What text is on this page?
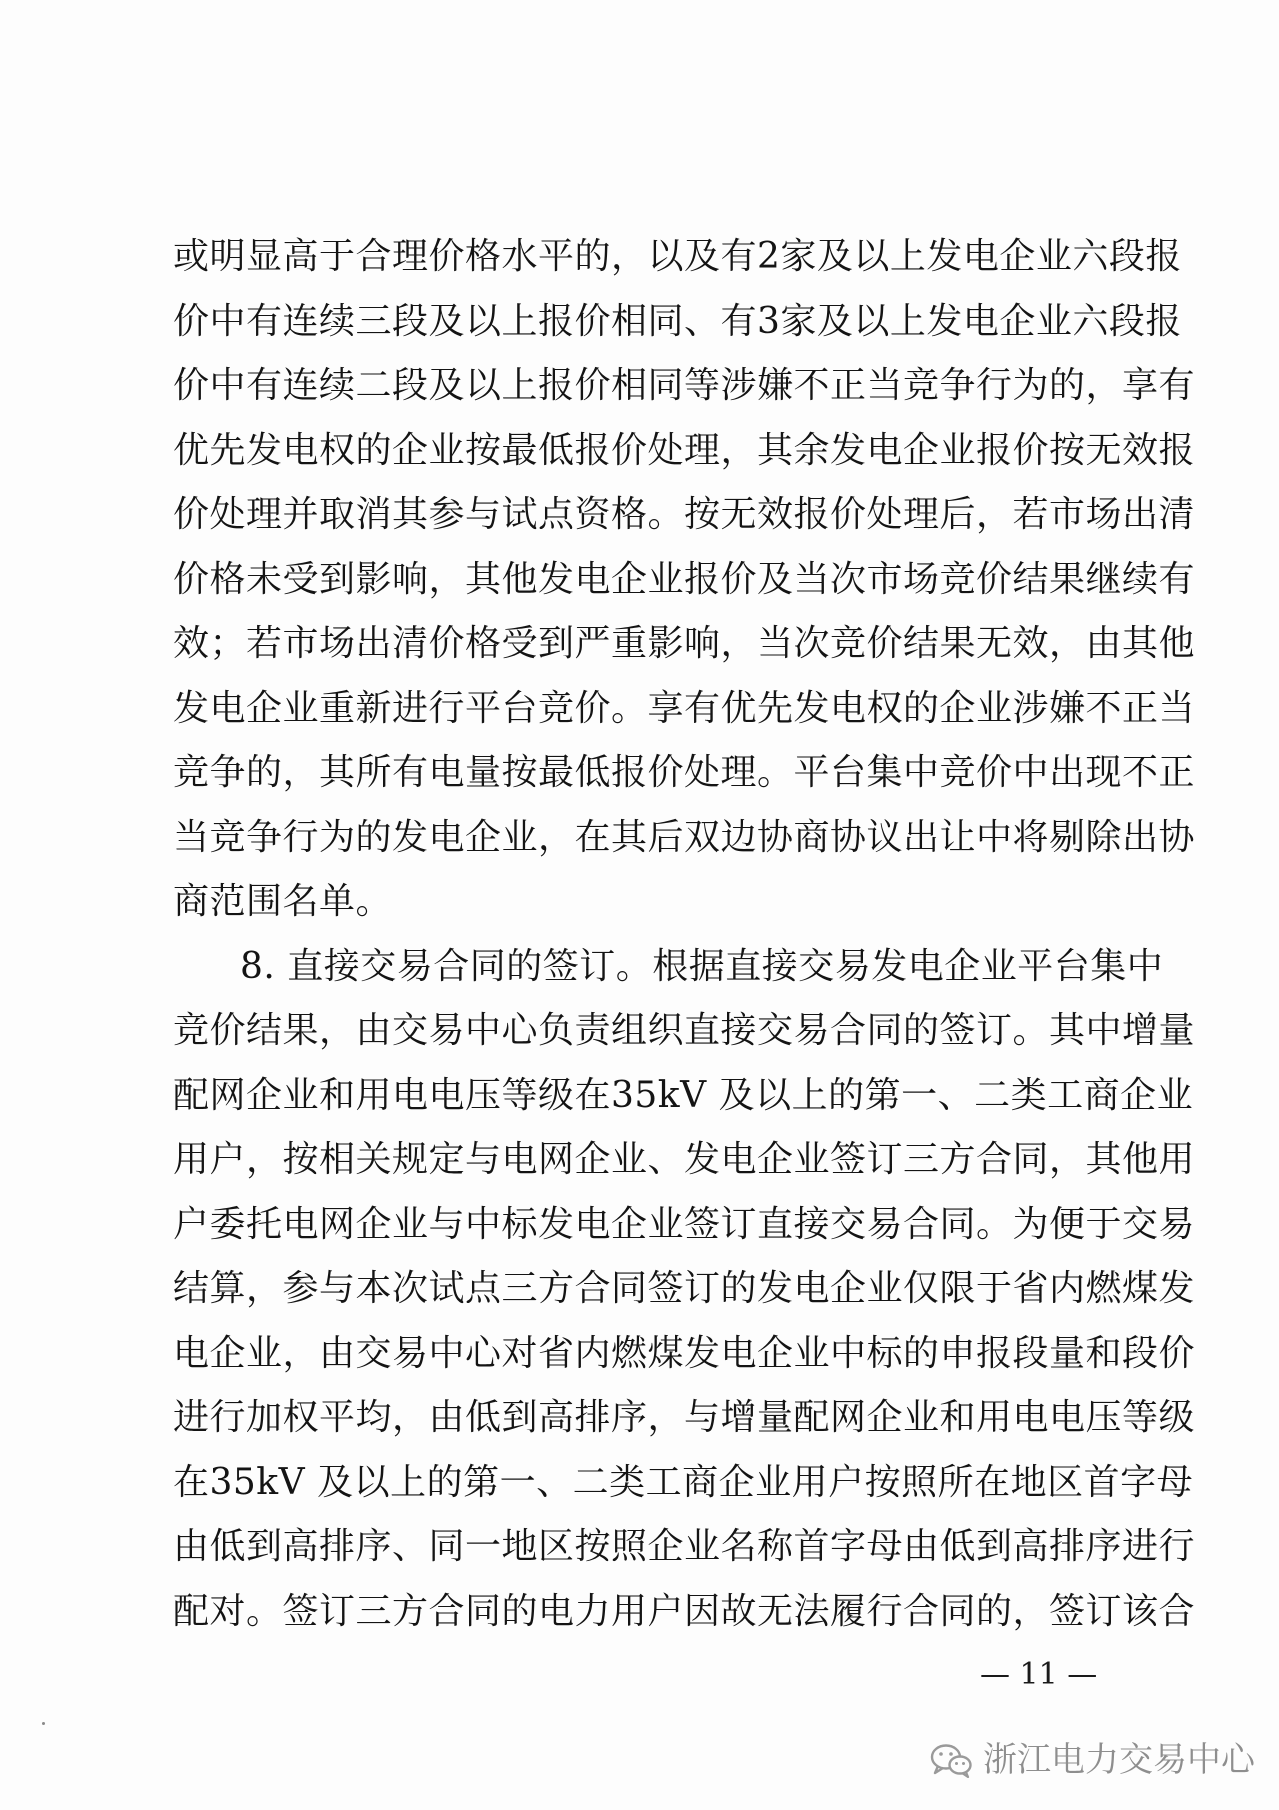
或明显高于合理价格水平的，以及有2家及以上发电企业六段报
价中有连续三段及以上报价相同、有3家及以上发电企业六段报
价中有连续二段及以上报价相同等涉嫌不正当竞争行为的，享有
优先发电权的企业按最低报价处理，其余发电企业报价按无效报
价处理并取消其参与试点资格。按无效报价处理后，若市场出清
价格未受到影响，其他发电企业报价及当次市场竞价结果继续有
效；若市场出清价格受到严重影响，当次竞价结果无效，由其他
发电企业重新进行平台竞价。享有优先发电权的企业涉嫌不正当
竞争的，其所有电量按最低报价处理。平台集中竞价中出现不正
当竞争行为的发电企业，在其后双边协商协议出让中将剔除出协
商范围名单。
8. 直接交易合同的签订。根据直接交易发电企业平台集中
竞价结果，由交易中心负责组织直接交易合同的签订。其中增量
配网企业和用电电压等级在35kV 及以上的第一、二类工商企业
用户，按相关规定与电网企业、发电企业签订三方合同，其他用
户委托电网企业与中标发电企业签订直接交易合同。为便于交易
结算，参与本次试点三方合同签订的发电企业仅限于省内燃煤发
电企业，由交易中心对省内燃煤发电企业中标的申报段量和段价
进行加权平均，由低到高排序，与增量配网企业和用电电压等级
在35kV 及以上的第一、二类工商企业用户按照所在地区首字母
由低到高排序、同一地区按照企业名称首字母由低到高排序进行
配对。签订三方合同的电力用户因故无法履行合同的，签订该合
— 11 —
浙江电力交易中心
